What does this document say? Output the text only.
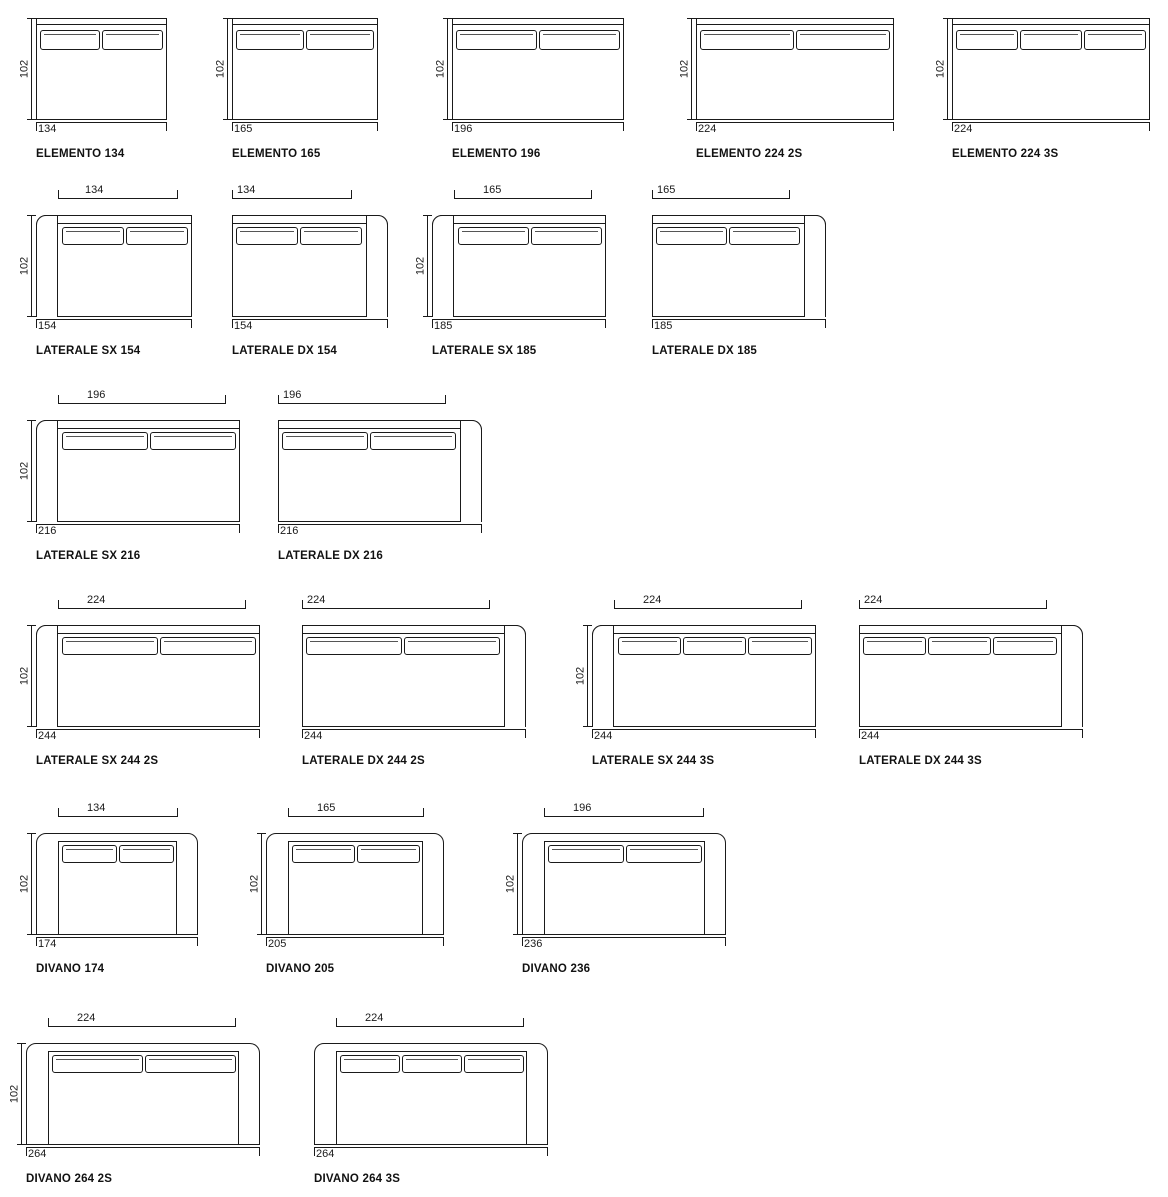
102
134
ELEMENTO 134
102
165
ELEMENTO 165
102
196
ELEMENTO 196
102
224
ELEMENTO 224 2S
102
224
ELEMENTO 224 3S
134
102
154
LATERALE SX 154
134
154
LATERALE DX 154
165
102
185
LATERALE SX 185
165
185
LATERALE DX 185
196
102
216
LATERALE SX 216
196
216
LATERALE DX 216
224
102
244
LATERALE SX 244 2S
224
244
LATERALE DX 244 2S
224
102
244
LATERALE SX 244 3S
224
244
LATERALE DX 244 3S
134
102
174
DIVANO 174
165
102
205
DIVANO 205
196
102
236
DIVANO 236
224
102
264
DIVANO 264 2S
224
264
DIVANO 264 3S
